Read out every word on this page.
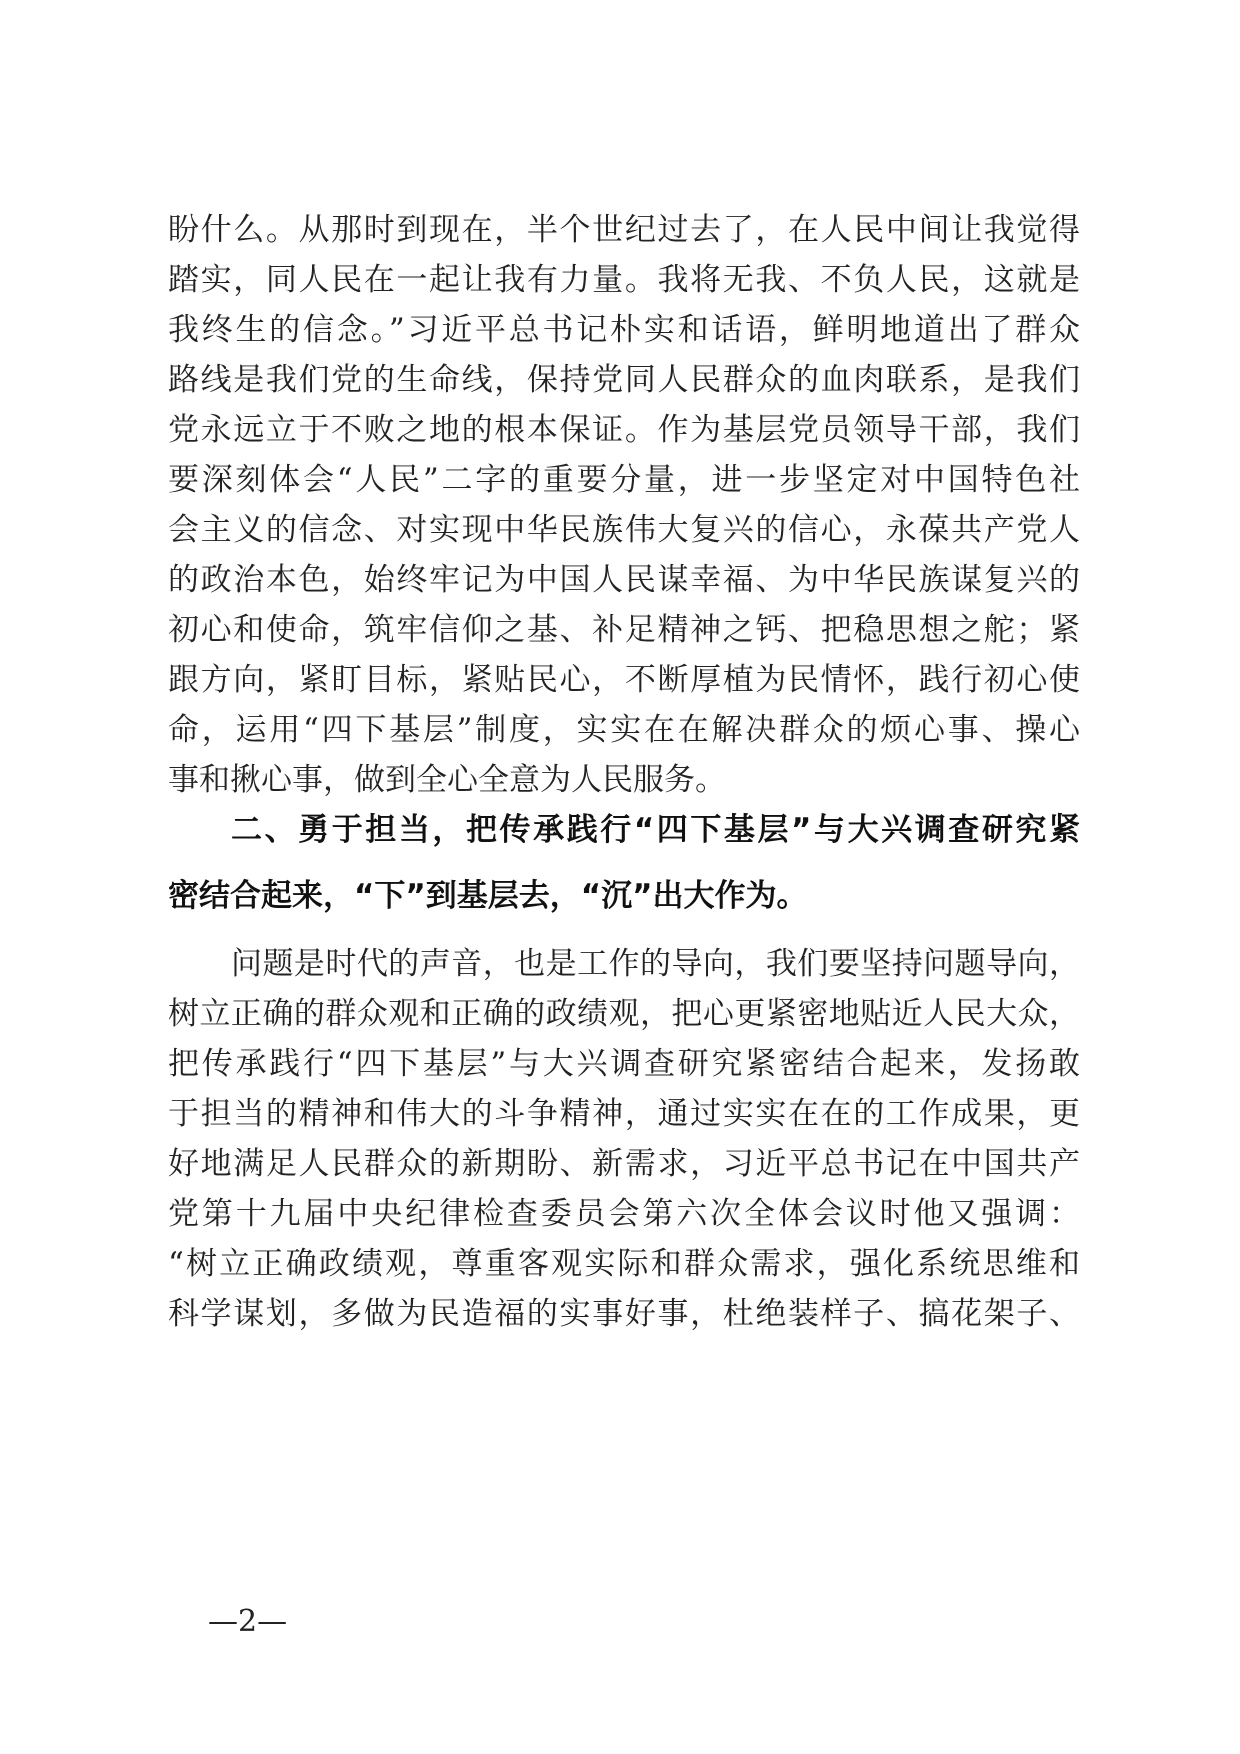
盼什么。从那时到现在，半个世纪过去了，在人民中间让我觉得
踏实，同人民在一起让我有力量。我将无我、不负人民，这就是
我终生的信念。”习近平总书记朴实和话语，鲜明地道出了群众
路线是我们党的生命线，保持党同人民群众的血肉联系，是我们
党永远立于不败之地的根本保证。作为基层党员领导干部，我们
要深刻体会“人民”二字的重要分量，进一步坚定对中国特色社
会主义的信念、对实现中华民族伟大复兴的信心，永葆共产党人
的政治本色，始终牢记为中国人民谋幸福、为中华民族谋复兴的
初心和使命，筑牢信仰之基、补足精神之钙、把稳思想之舵；紧
跟方向，紧盯目标，紧贴民心，不断厚植为民情怀，践行初心使
命，运用“四下基层”制度，实实在在解决群众的烦心事、操心
事和揪心事，做到全心全意为人民服务。
二、勇于担当，把传承践行“四下基层”与大兴调查研究紧
密结合起来，“下”到基层去，“沉”出大作为。
问题是时代的声音，也是工作的导向，我们要坚持问题导向，
树立正确的群众观和正确的政绩观，把心更紧密地贴近人民大众，
把传承践行“四下基层”与大兴调查研究紧密结合起来，发扬敢
于担当的精神和伟大的斗争精神，通过实实在在的工作成果，更
好地满足人民群众的新期盼、新需求，习近平总书记在中国共产
党第十九届中央纪律检查委员会第六次全体会议时他又强调：
“树立正确政绩观，尊重客观实际和群众需求，强化系统思维和
科学谋划，多做为民造福的实事好事，杜绝装样子、搞花架子、
—2—
